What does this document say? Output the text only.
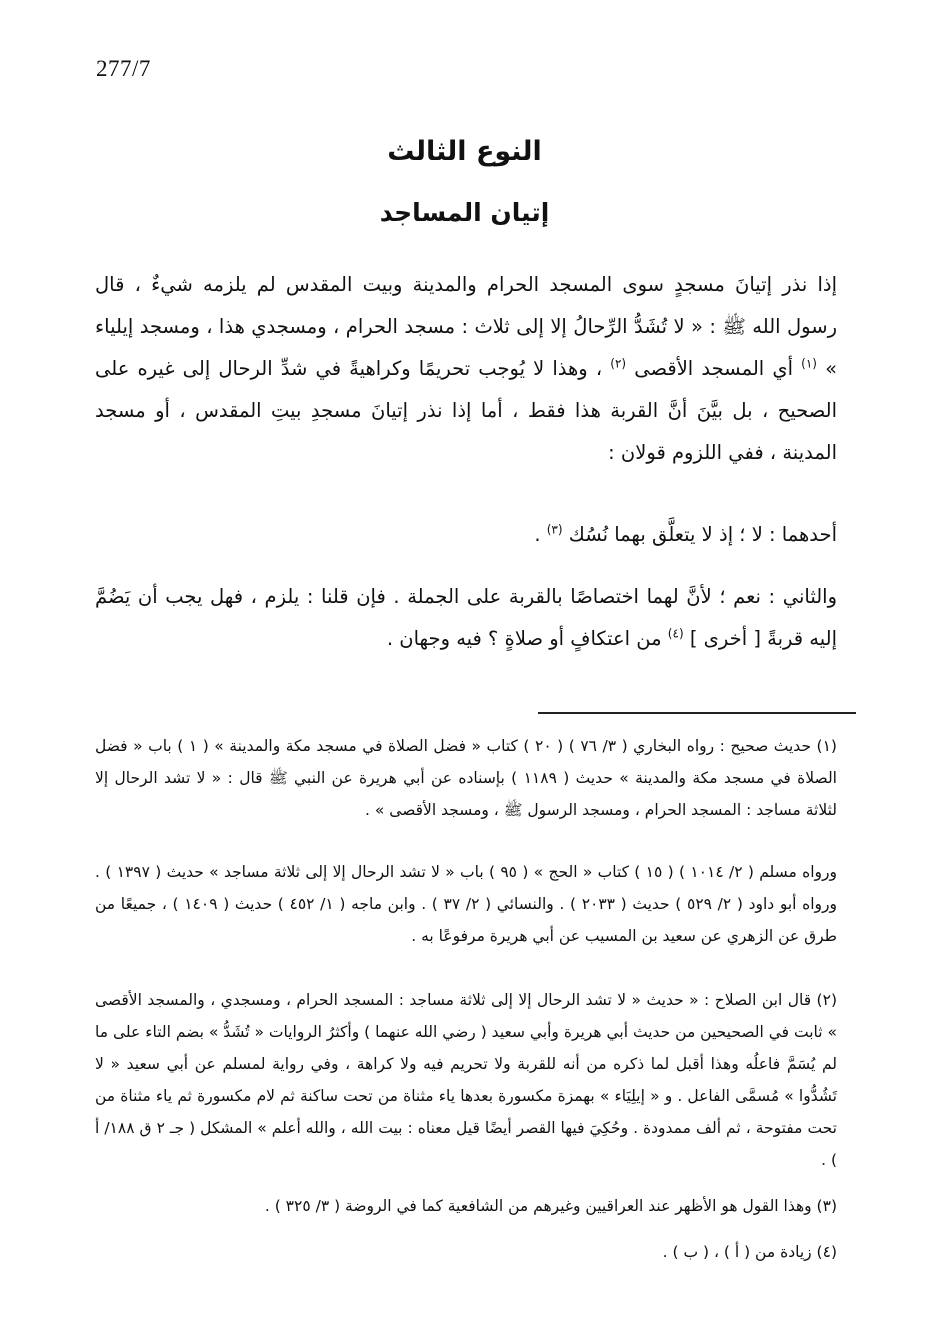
277/7
النوع الثالث
إتيان المساجد

إذا نذر إتيانَ مسجدٍ سوى المسجد الحرام والمدينة وبيت المقدس لم يلزمه شيءٌ ، قال رسول الله ﷺ : « لا تُشَدُّ الرِّحالُ إلا إلى ثلاث : مسجد الحرام ، ومسجدي هذا ، ومسجد إيلياء » $^{(١)}$ أي المسجد الأقصى $^{(٢)}$ ، وهذا لا يُوجب تحريمًا وكراهيةً في شدِّ الرحال إلى غيره على الصحيح ، بل بيَّنَ أنَّ القربة هذا فقط ، أما إذا نذر إتيانَ مسجدِ بيتِ المقدس ، أو مسجد المدينة ، ففي اللزوم قولان :

أحدهما : لا ؛ إذ لا يتعلَّق بهما نُسُك $^{(٣)}$ .

والثاني : نعم ؛ لأنَّ لهما اختصاصًا بالقربة على الجملة . فإن قلنا : يلزم ، فهل يجب أن يَضُمَّ إليه قربةً [ أخرى ] $^{(٤)}$ من اعتكافٍ أو صلاةٍ ؟ فيه وجهان .

(١) حديث صحيح : رواه البخاري ( ٣/ ٧٦ ) ( ٢٠ ) كتاب « فضل الصلاة في مسجد مكة والمدينة » ( ١ ) باب « فضل الصلاة في مسجد مكة والمدينة » حديث ( ١١٨٩ ) بإسناده عن أبي هريرة عن النبي ﷺ قال : « لا تشد الرحال إلا لثلاثة مساجد : المسجد الحرام ، ومسجد الرسول ﷺ ، ومسجد الأقصى » .

ورواه مسلم ( ٢/ ١٠١٤ ) ( ١٥ ) كتاب « الحج » ( ٩٥ ) باب « لا تشد الرحال إلا إلى ثلاثة مساجد » حديث ( ١٣٩٧ ) . ورواه أبو داود ( ٢/ ٥٢٩ ) حديث ( ٢٠٣٣ ) . والنسائي ( ٢/ ٣٧ ) . وابن ماجه ( ١/ ٤٥٢ ) حديث ( ١٤٠٩ ) ، جميعًا من طرق عن الزهري عن سعيد بن المسيب عن أبي هريرة مرفوعًا به .

(٢) قال ابن الصلاح : « حديث « لا تشد الرحال إلا إلى ثلاثة مساجد : المسجد الحرام ، ومسجدي ، والمسجد الأقصى » ثابت في الصحيحين من حديث أبي هريرة وأبي سعيد ( رضي الله عنهما ) وأكثرُ الروايات « تُشَدُّ » بضم التاء على ما لم يُسَمَّ فاعلُه وهذا أقبل لما ذكره من أنه للقربة ولا تحريم فيه ولا كراهة ، وفي رواية لمسلم عن أبي سعيد « لا تَشُدُّوا » مُسمَّى الفاعل . و « إيلِيَاء » بهمزة مكسورة بعدها ياء مثناة من تحت ساكنة ثم لام مكسورة ثم ياء مثناة من تحت مفتوحة ، ثم ألف ممدودة . وحُكِيَ فيها القصر أيضًا قيل معناه : بيت الله ، والله أعلم » المشكل ( جـ ٢ ق ١٨٨/ أ ) .

(٣) وهذا القول هو الأظهر عند العراقيين وغيرهم من الشافعية كما في الروضة ( ٣/ ٣٢٥ ) .

(٤) زيادة من ( أ ) ، ( ب ) .
